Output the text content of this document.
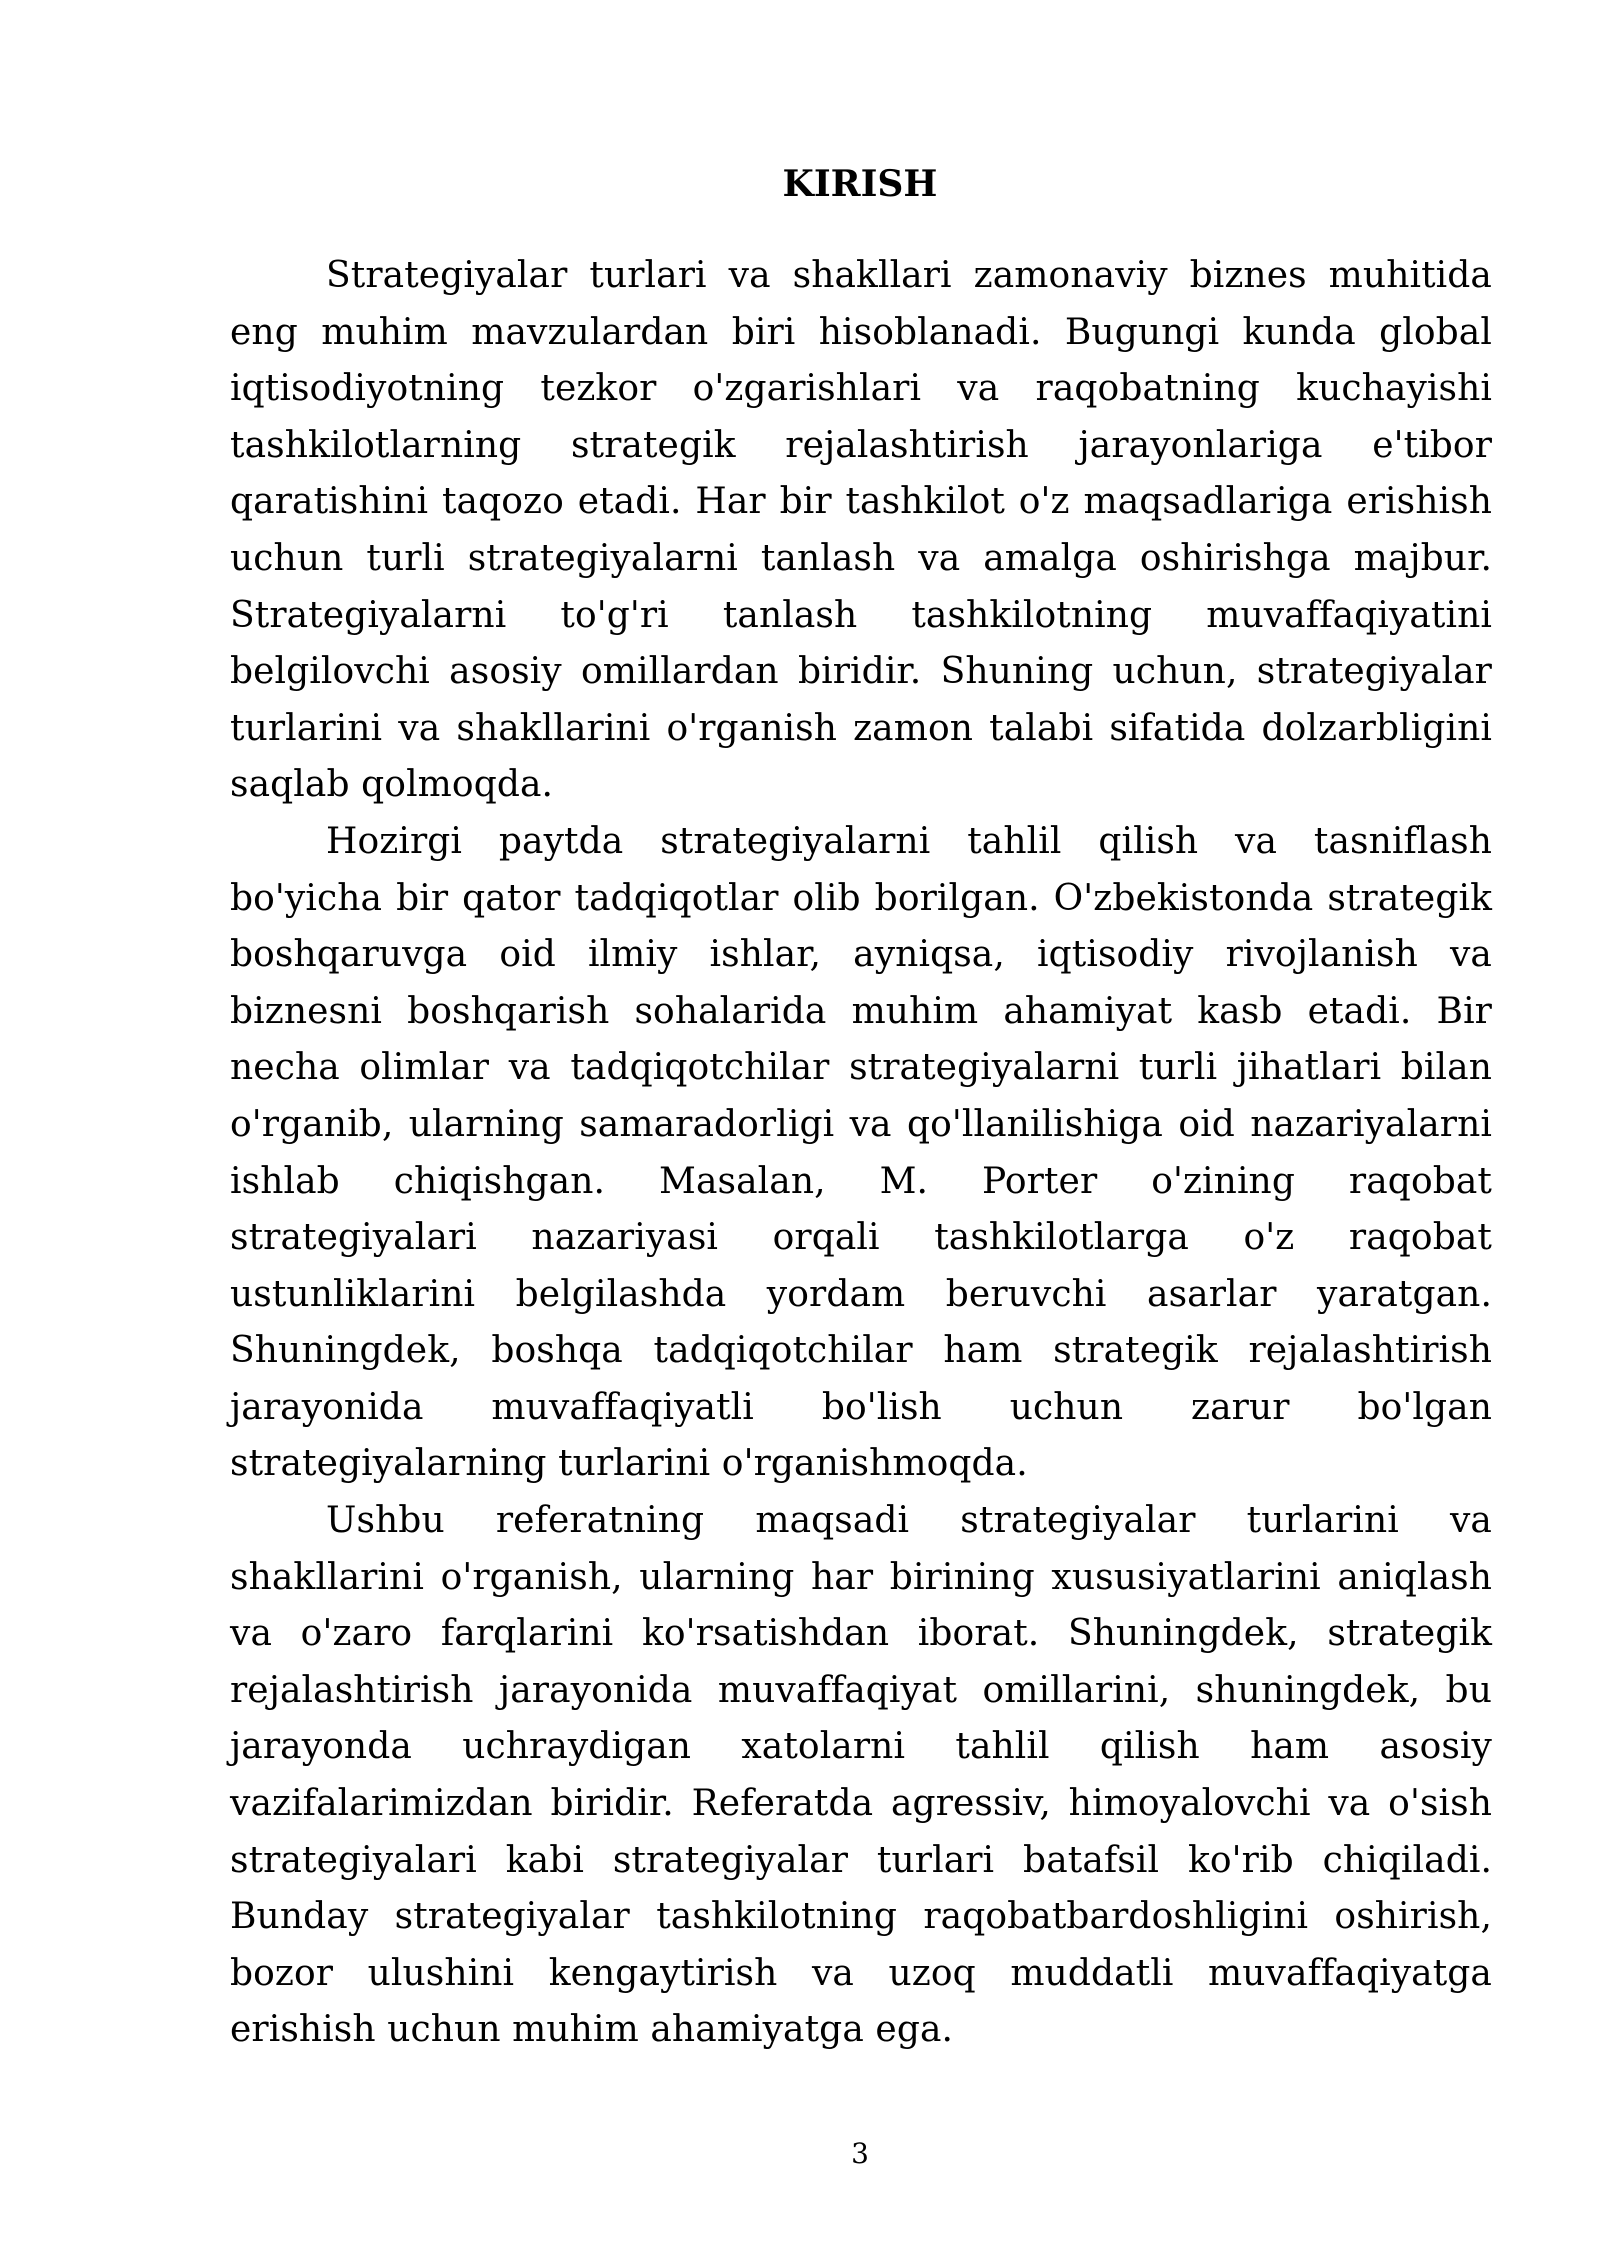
KIRISH

Strategiyalar turlari va shakllari zamonaviy biznes muhitida eng muhim mavzulardan biri hisoblanadi. Bugungi kunda global iqtisodiyotning tezkor o'zgarishlari va raqobatning kuchayishi tashkilotlarning strategik rejalashtirish jarayonlariga e'tibor qaratishini taqozo etadi. Har bir tashkilot o'z maqsadlariga erishish uchun turli strategiyalarni tanlash va amalga oshirishga majbur. Strategiyalarni to'g'ri tanlash tashkilotning muvaffaqiyatini belgilovchi asosiy omillardan biridir. Shuning uchun, strategiyalar turlarini va shakllarini o'rganish zamon talabi sifatida dolzarbligini saqlab qolmoqda.

Hozirgi paytda strategiyalarni tahlil qilish va tasniflash bo'yicha bir qator tadqiqotlar olib borilgan. O'zbekistonda strategik boshqaruvga oid ilmiy ishlar, ayniqsa, iqtisodiy rivojlanish va biznesni boshqarish sohalarida muhim ahamiyat kasb etadi. Bir necha olimlar va tadqiqotchilar strategiyalarni turli jihatlari bilan o'rganib, ularning samaradorligi va qo'llanilishiga oid nazariyalarni ishlab chiqishgan. Masalan, M. Porter o'zining raqobat strategiyalari nazariyasi orqali tashkilotlarga o'z raqobat ustunliklarini belgilashda yordam beruvchi asarlar yaratgan. Shuningdek, boshqa tadqiqotchilar ham strategik rejalashtirish jarayonida muvaffaqiyatli bo'lish uchun zarur bo'lgan strategiyalarning turlarini o'rganishmoqda.

Ushbu referatning maqsadi strategiyalar turlarini va shakllarini o'rganish, ularning har birining xususiyatlarini aniqlash va o'zaro farqlarini ko'rsatishdan iborat. Shuningdek, strategik rejalashtirish jarayonida muvaffaqiyat omillarini, shuningdek, bu jarayonda uchraydigan xatolarni tahlil qilish ham asosiy vazifalarimizdan biridir. Referatda agressiv, himoyalovchi va o'sish strategiyalari kabi strategiyalar turlari batafsil ko'rib chiqiladi. Bunday strategiyalar tashkilotning raqobatbardoshligini oshirish, bozor ulushini kengaytirish va uzoq muddatli muvaffaqiyatga erishish uchun muhim ahamiyatga ega.

3
